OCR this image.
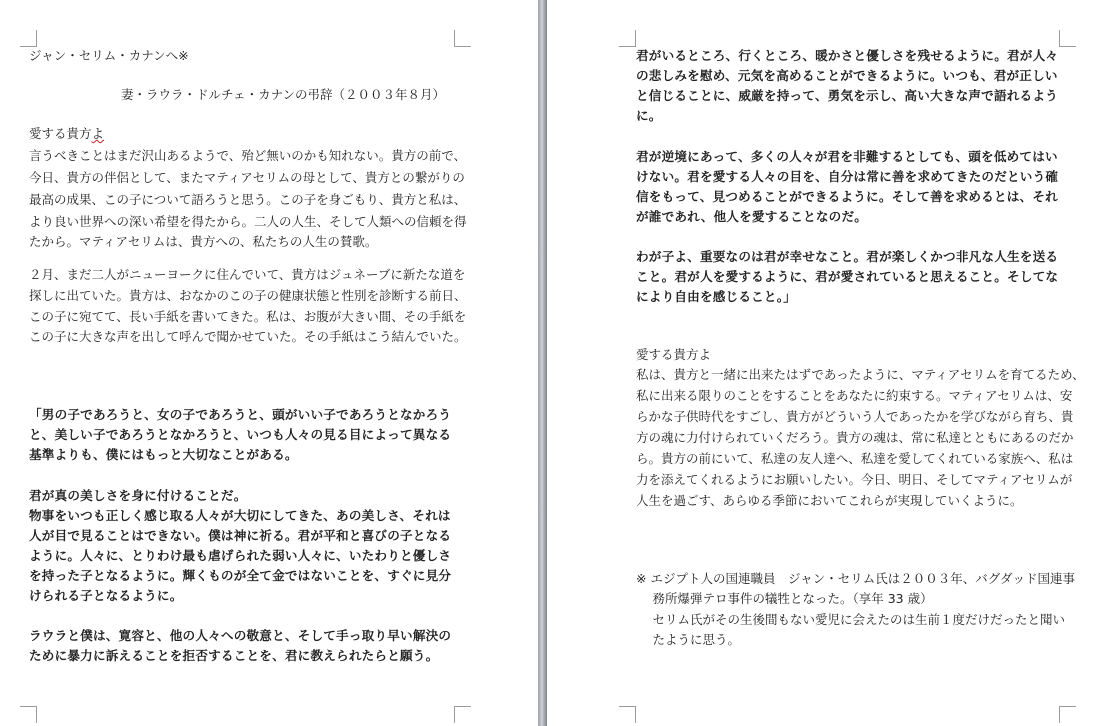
ジャン・セリム・カナンへ※
妻・ラウラ・ドルチェ・カナンの弔辞（２００３年８月）
愛する貴方よ
言うべきことはまだ沢山あるようで、殆ど無いのかも知れない。貴方の前で、
今日、貴方の伴侶として、またマティアセリムの母として、貴方との繋がりの
最高の成果、この子について語ろうと思う。この子を身ごもり、貴方と私は、
より良い世界への深い希望を得たから。二人の人生、そして人類への信頼を得
たから。マティアセリムは、貴方への、私たちの人生の賛歌。
２月、まだ二人がニューヨークに住んでいて、貴方はジュネーブに新たな道を
探しに出ていた。貴方は、おなかのこの子の健康状態と性別を診断する前日、
この子に宛てて、長い手紙を書いてきた。私は、お腹が大きい間、その手紙を
この子に大きな声を出して呼んで聞かせていた。その手紙はこう結んでいた。
「男の子であろうと、女の子であろうと、頭がいい子であろうとなかろう
と、美しい子であろうとなかろうと、いつも人々の見る目によって異なる
基準よりも、僕にはもっと大切なことがある。
君が真の美しさを身に付けることだ。
物事をいつも正しく感じ取る人々が大切にしてきた、あの美しさ、それは
人が目で見ることはできない。僕は神に祈る。君が平和と喜びの子となる
ように。人々に、とりわけ最も虐げられた弱い人々に、いたわりと優しさ
を持った子となるように。輝くものが全て金ではないことを、すぐに見分
けられる子となるように。
ラウラと僕は、寛容と、他の人々への敬意と、そして手っ取り早い解決の
ために暴力に訴えることを拒否することを、君に教えられたらと願う。
君がいるところ、行くところ、暖かさと優しさを残せるように。君が人々
の悲しみを慰め、元気を高めることができるように。いつも、君が正しい
と信じることに、威厳を持って、勇気を示し、高い大きな声で語れるよう
に。
君が逆境にあって、多くの人々が君を非難するとしても、頭を低めてはい
けない。君を愛する人々の目を、自分は常に善を求めてきたのだという確
信をもって、見つめることができるように。そして善を求めるとは、それ
が誰であれ、他人を愛することなのだ。
わが子よ、重要なのは君が幸せなこと。君が楽しくかつ非凡な人生を送る
こと。君が人を愛するように、君が愛されていると思えること。そしてな
により自由を感じること。」
愛する貴方よ
私は、貴方と一緒に出来たはずであったように、マティアセリムを育てるため、
私に出来る限りのことをすることをあなたに約束する。マティアセリムは、安
らかな子供時代をすごし、貴方がどういう人であったかを学びながら育ち、貴
方の魂に力付けられていくだろう。貴方の魂は、常に私達とともにあるのだか
ら。貴方の前にいて、私達の友人達へ、私達を愛してくれている家族へ、私は
力を添えてくれるようにお願いしたい。今日、明日、そしてマティアセリムが
人生を過ごす、あらゆる季節においてこれらが実現していくように。
※ エジプト人の国連職員　ジャン・セリム氏は２００３年、バグダッド国連事
　 務所爆弾テロ事件の犠牲となった。（享年 33 歳）
　 セリム氏がその生後間もない愛児に会えたのは生前１度だけだったと聞い
　 たように思う。
